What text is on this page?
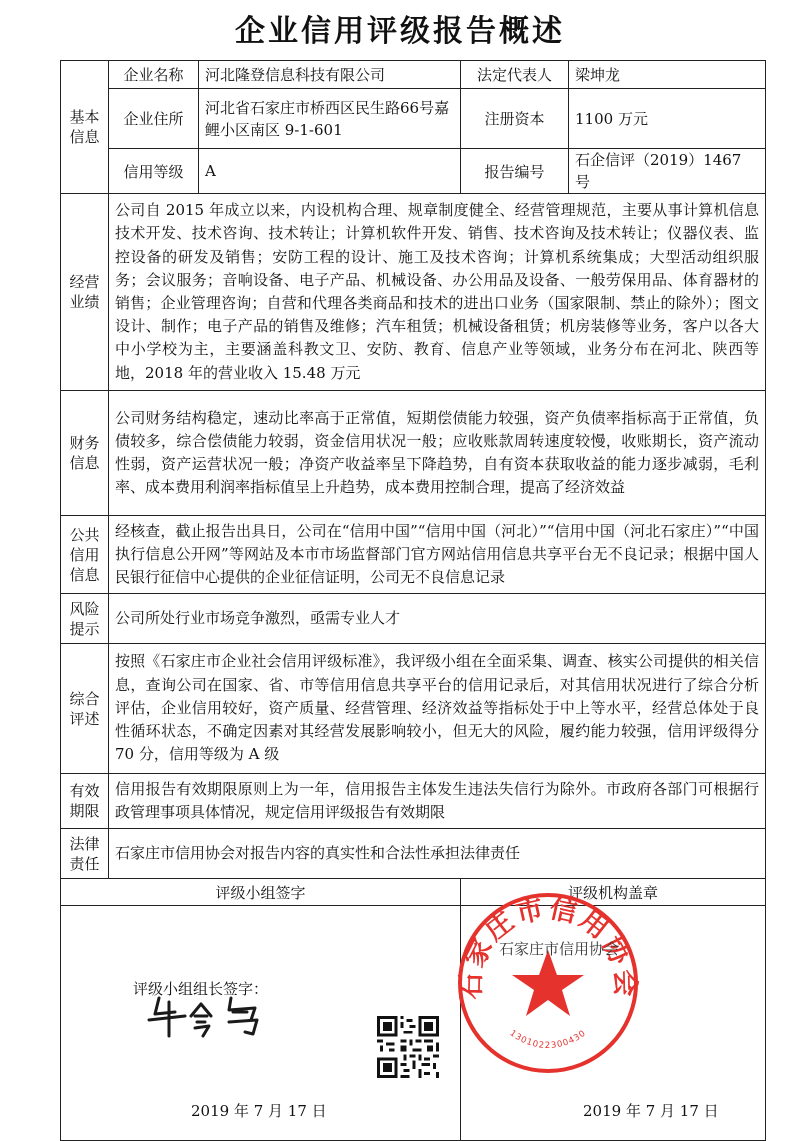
企业信用评级报告概述
基本
信息	企业名称	河北隆登信息科技有限公司	法定代表人	梁坤龙
	企业住所	河北省石家庄市桥西区民生路66号嘉鲤小区南区 9-1-601	注册资本	1100 万元
	信用等级	A	报告编号	石企信评（2019）1467 号
经营
业绩	公司自 2015 年成立以来，内设机构合理、规章制度健全、经营管理规范，主要从事计算机信息技术开发、技术咨询、技术转让；计算机软件开发、销售、技术咨询及技术转让；仪器仪表、监控设备的研发及销售；安防工程的设计、施工及技术咨询；计算机系统集成；大型活动组织服务；会议服务；音响设备、电子产品、机械设备、办公用品及设备、一般劳保用品、体育器材的销售；企业管理咨询；自营和代理各类商品和技术的进出口业务（国家限制、禁止的除外）；图文设计、制作；电子产品的销售及维修；汽车租赁；机械设备租赁；机房装修等业务，客户以各大中小学校为主，主要涵盖科教文卫、安防、教育、信息产业等领域，业务分布在河北、陕西等地，2018 年的营业收入 15.48 万元			
财务
信息	公司财务结构稳定，速动比率高于正常值，短期偿债能力较强，资产负债率指标高于正常值，负债较多，综合偿债能力较弱，资金信用状况一般；应收账款周转速度较慢，收账期长，资产流动性弱，资产运营状况一般；净资产收益率呈下降趋势，自有资本获取收益的能力逐步减弱，毛利率、成本费用利润率指标值呈上升趋势，成本费用控制合理，提高了经济效益			
公共
信用
信息	经核查，截止报告出具日，公司在“信用中国”“信用中国（河北）”“信用中国（河北石家庄）”“中国执行信息公开网”等网站及本市市场监督部门官方网站信用信息共享平台无不良记录；根据中国人民银行征信中心提供的企业征信证明，公司无不良信息记录			
风险
提示	公司所处行业市场竞争激烈，亟需专业人才			
综合
评述	按照《石家庄市企业社会信用评级标准》，我评级小组在全面采集、调查、核实公司提供的相关信息，查询公司在国家、省、市等信用信息共享平台的信用记录后，对其信用状况进行了综合分析评估，企业信用较好，资产质量、经营管理、经济效益等指标处于中上等水平，经营总体处于良性循环状态，不确定因素对其经营发展影响较小，但无大的风险，履约能力较强，信用评级得分 70 分，信用等级为 A 级			
有效
期限	信用报告有效期限原则上为一年，信用报告主体发生违法失信行为除外。市政府各部门可根据行政管理事项具体情况，规定信用评级报告有效期限			
法律
责任	石家庄市信用协会对报告内容的真实性和合法性承担法律责任			
评级小组签字			评级机构盖章	

评级小组组长签字：
2019 年 7 月 17 日			2019 年 7 月 17 日	
石家庄市信用协会
1301022300430
石家庄市信用协会
